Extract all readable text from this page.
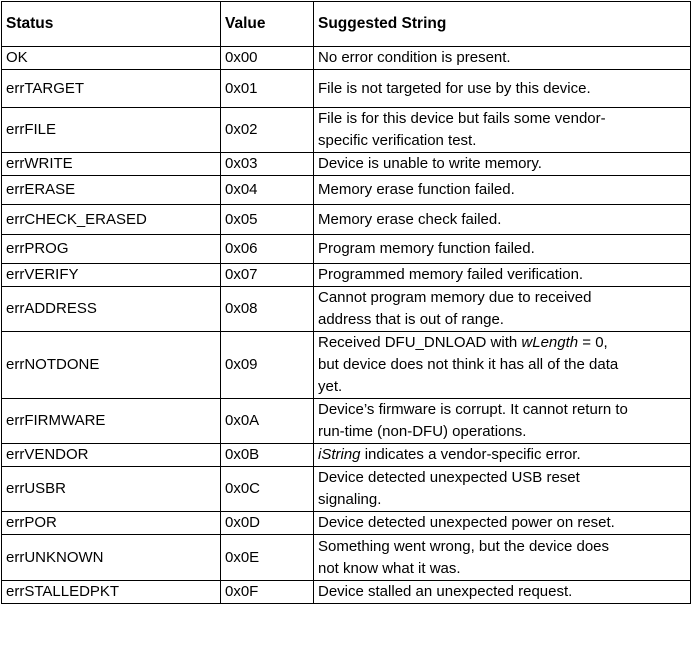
Status	Value	Suggested String
OK	0x00	No error condition is present.

errTARGET	0x01	File is not targeted for use by this device.

errFILE	0x02	File is for this device but fails some vendor-
specific verification test.

errWRITE	0x03	Device is unable to write memory.

errERASE	0x04	Memory erase function failed.

errCHECK_ERASED	0x05	Memory erase check failed.

errPROG	0x06	Program memory function failed.

errVERIFY	0x07	Programmed memory failed verification.

errADDRESS	0x08	Cannot program memory due to received
address that is out of range.

errNOTDONE	0x09	Received DFU_DNLOAD with wLength = 0,
but device does not think it has all of the data
yet.

errFIRMWARE	0x0A	Device’s firmware is corrupt. It cannot return to
run-time (non-DFU) operations.

errVENDOR	0x0B	iString indicates a vendor-specific error.

errUSBR	0x0C	Device detected unexpected USB reset
signaling.

errPOR	0x0D	Device detected unexpected power on reset.

errUNKNOWN	0x0E	Something went wrong, but the device does
not know what it was.

errSTALLEDPKT	0x0F	Device stalled an unexpected request.
